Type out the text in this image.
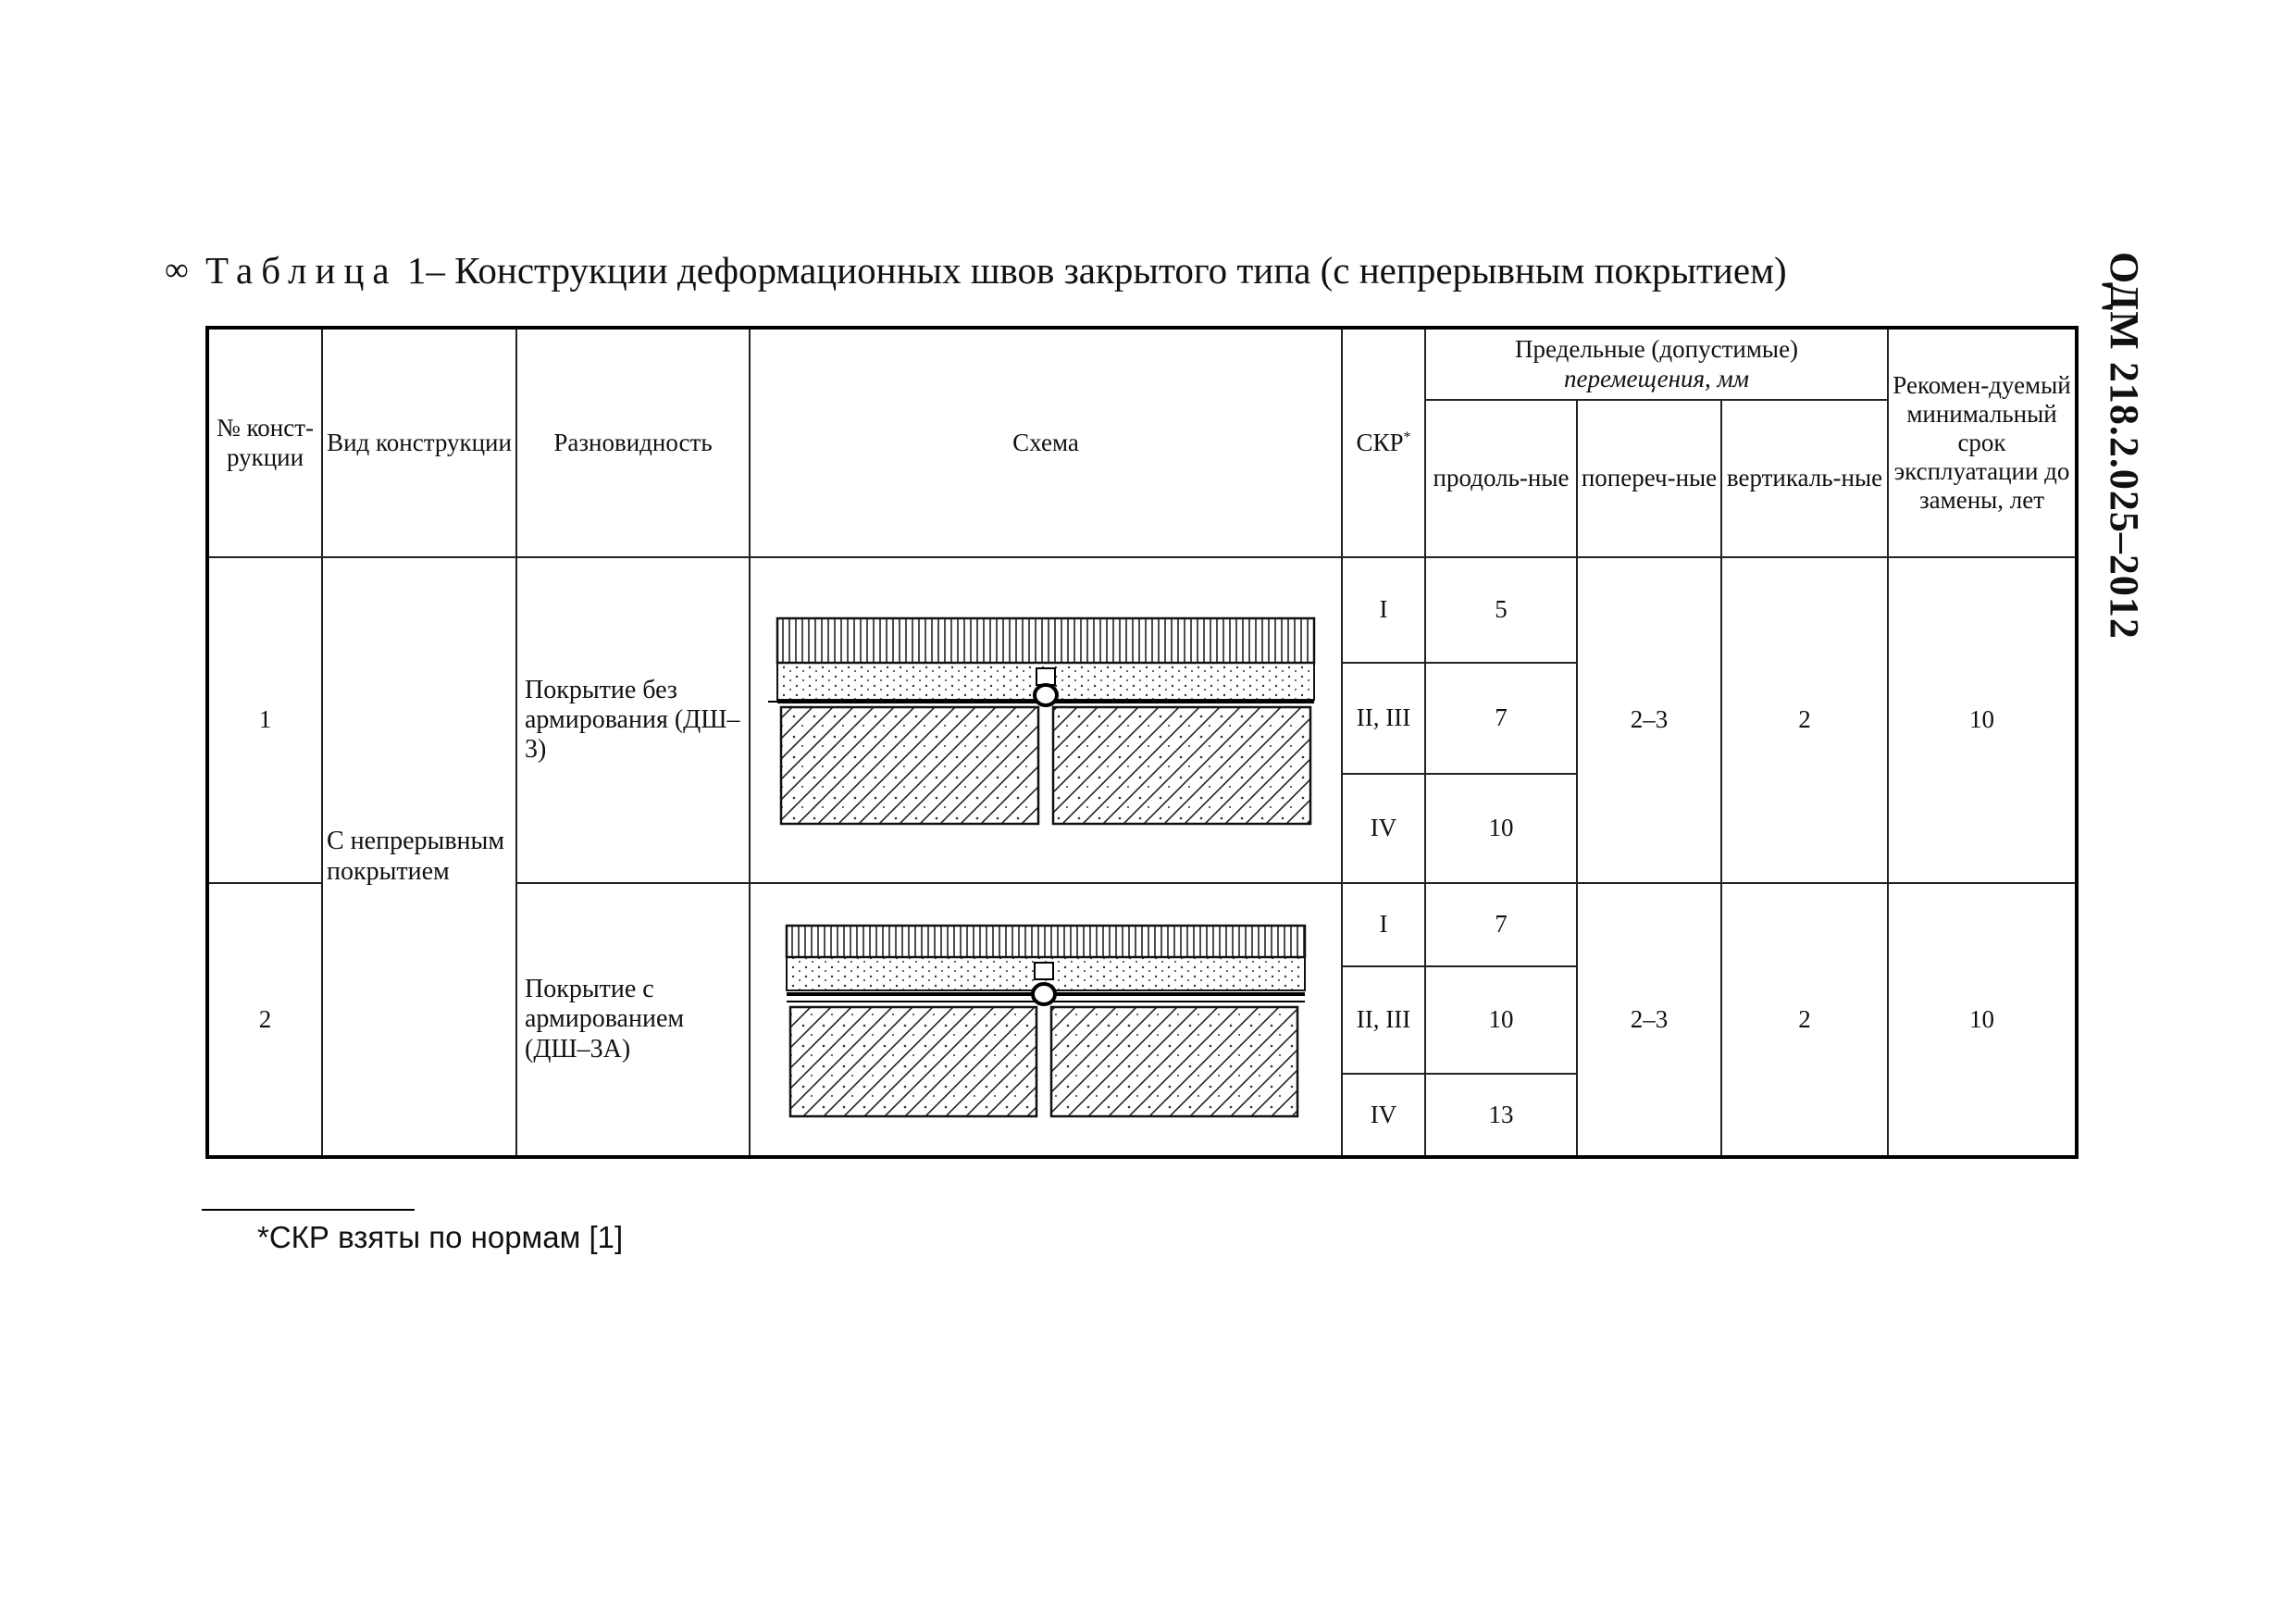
∞ Таблица 1– Конструкции деформационных швов закрытого типа (с непрерывным покрытием)	ОДМ 218.2.025–2012
№ конст-рукции	Вид конструкции	Разновидность	Схема	СКР*	Предельные (допустимые)
перемещения, мм			Рекомен-дуемый минимальный срок эксплуатации до замены, лет
					продоль-ные	попереч-ные	вертикаль-ные	
1	С непрерывным покрытием	Покрытие без армирования (ДШ–3)		I	5	2–3	2	10
				II, III	7			
				IV	10			
2		Покрытие с армированием (ДШ–3А)		I	7	2–3	2	10
				II, III	10			
				IV	13			
*СКР взяты по нормам [1]
